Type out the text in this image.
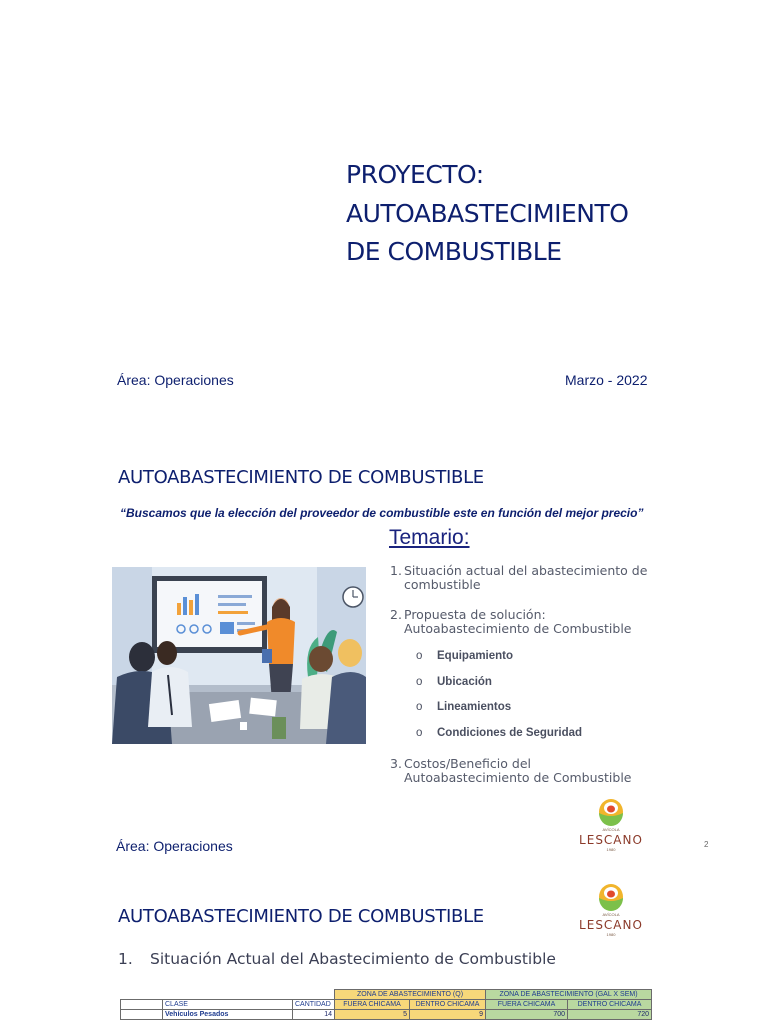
PROYECTO:
AUTOABASTECIMIENTO
DE COMBUSTIBLE
Área: Operaciones	Marzo - 2022
AUTOABASTECIMIENTO DE COMBUSTIBLE
“Buscamos que la elección del proveedor de combustible este en función del mejor precio”
Temario:
1. Situación actual del abastecimiento de
combustible
2. Propuesta de solución:
Autoabastecimiento de Combustible
o Equipamiento
o Ubicación
o Lineamientos
o Condiciones de Seguridad
3. Costos/Beneficio del
Autoabastecimiento de Combustible
AVÍCOLA
LESCANO
1980
Área: Operaciones	2
AUTOABASTECIMIENTO DE COMBUSTIBLE	AVÍCOLA
LESCANO
1980
1. Situación Actual del Abastecimiento de Combustible
			ZONA DE ABASTECIMIENTO (Q)		ZONA DE ABASTECIMIENTO (GAL X SEM)	
	CLASE	CANTIDAD	FUERA CHICAMA	DENTRO CHICAMA	FUERA CHICAMA	DENTRO CHICAMA
	Vehículos Pesados	14	5	9	700	720
